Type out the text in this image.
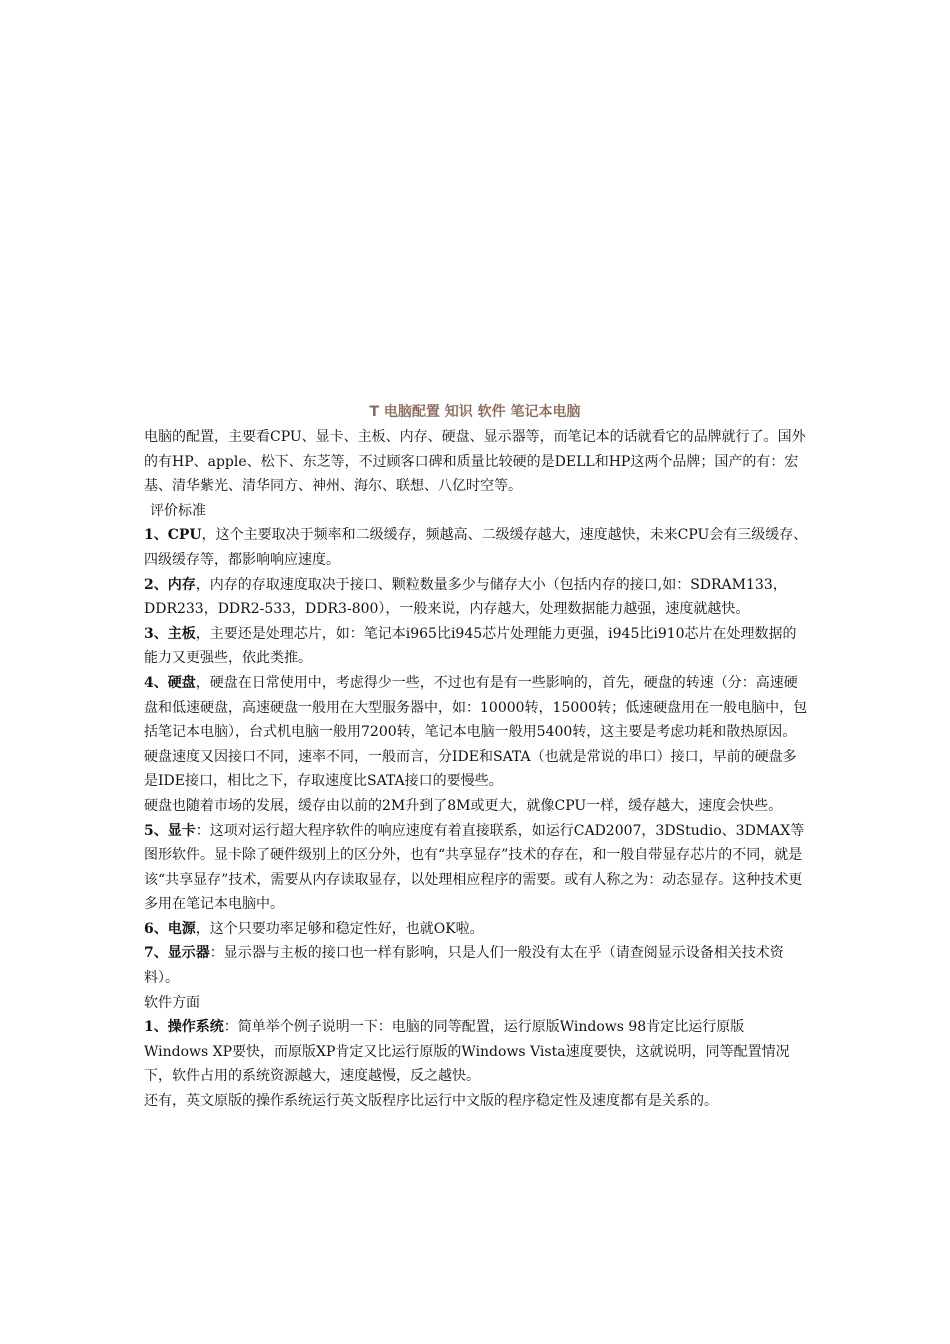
T 电脑配置 知识 软件 笔记本电脑

电脑的配置，主要看CPU、显卡、主板、内存、硬盘、显示器等，而笔记本的话就看它的品牌就行了。国外的有HP、apple、松下、东芝等，不过顾客口碑和质量比较硬的是DELL和HP这两个品牌；国产的有：宏基、清华紫光、清华同方、神州、海尔、联想、八亿时空等。

评价标准

1、CPU，这个主要取决于频率和二级缓存，频越高、二级缓存越大，速度越快，未来CPU会有三级缓存、四级缓存等，都影响响应速度。

2、内存，内存的存取速度取决于接口、颗粒数量多少与储存大小（包括内存的接口,如：SDRAM133，DDR233，DDR2-533，DDR3-800），一般来说，内存越大，处理数据能力越强，速度就越快。

3、主板，主要还是处理芯片，如：笔记本i965比i945芯片处理能力更强，i945比i910芯片在处理数据的能力又更强些，依此类推。

4、硬盘，硬盘在日常使用中，考虑得少一些，不过也有是有一些影响的，首先，硬盘的转速（分：高速硬盘和低速硬盘，高速硬盘一般用在大型服务器中，如：10000转，15000转；低速硬盘用在一般电脑中，包括笔记本电脑），台式机电脑一般用7200转，笔记本电脑一般用5400转，这主要是考虑功耗和散热原因。

硬盘速度又因接口不同，速率不同，一般而言，分IDE和SATA（也就是常说的串口）接口，早前的硬盘多是IDE接口，相比之下，存取速度比SATA接口的要慢些。

硬盘也随着市场的发展，缓存由以前的2M升到了8M或更大，就像CPU一样，缓存越大，速度会快些。

5、显卡：这项对运行超大程序软件的响应速度有着直接联系，如运行CAD2007，3DStudio、3DMAX等图形软件。显卡除了硬件级别上的区分外，也有“共享显存”技术的存在，和一般自带显存芯片的不同，就是该“共享显存”技术，需要从内存读取显存，以处理相应程序的需要。或有人称之为：动态显存。这种技术更多用在笔记本电脑中。

6、电源，这个只要功率足够和稳定性好，也就OK啦。

7、显示器：显示器与主板的接口也一样有影响，只是人们一般没有太在乎（请查阅显示设备相关技术资料）。

软件方面

1、操作系统：简单举个例子说明一下：电脑的同等配置，运行原版Windows 98肯定比运行原版Windows XP要快，而原版XP肯定又比运行原版的Windows Vista速度要快，这就说明，同等配置情况下，软件占用的系统资源越大，速度越慢，反之越快。

还有，英文原版的操作系统运行英文版程序比运行中文版的程序稳定性及速度都有是关系的。
